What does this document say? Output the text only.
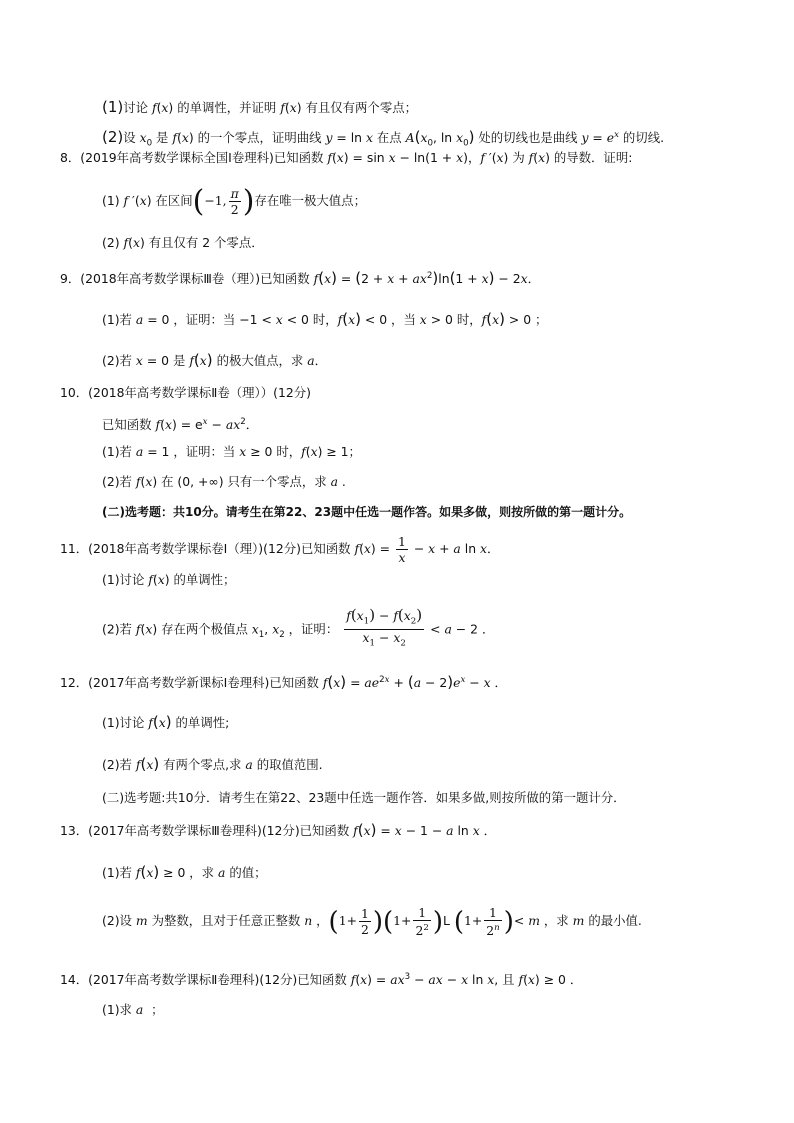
(1)讨论 f(x) 的单调性，并证明 f(x) 有且仅有两个零点；
(2)设 $x_0$ 是 f(x) 的一个零点，证明曲线 y = ln x 在点 $A(x_0$, $\ln x_0$) 处的切线也是曲线 $y = e^x$ 的切线.
8．(2019年高考数学课标全国Ⅰ卷理科)已知函数 f(x) = sin x − ln(1 + x)，f ′(x) 为 f(x) 的导数．证明:
(1) f ′(x) 在区间(−1, $\frac{\pi}{2}$ )存在唯一极大值点；
(2) f(x) 有且仅有 2 个零点．
9．(2018年高考数学课标Ⅲ卷（理）)已知函数 $f(x) = (2 + x + ax^2)\ln(1 + x) - 2x$．
(1)若 a = 0 ，证明：当 −1 < x < 0 时，f(x) < 0 ，当 x > 0 时，f(x) > 0 ；
(2)若 x = 0 是 f(x) 的极大值点，求 a．
10．(2018年高考数学课标Ⅱ卷（理））(12分)
已知函数 $f(x) = e^x - ax^2$．
(1)若 a = 1 ，证明：当 x ≥ 0 时，f(x) ≥ 1；
(2)若 f(x) 在 (0, +∞) 只有一个零点，求 a .
(二)选考题：共10分。请考生在第22、23题中任选一题作答。如果多做，则按所做的第一题计分。
11．(2018年高考数学课标卷Ⅰ（理）)(12分)已知函数 $f(x) = \frac{1}{x} - x + a$ ln x．
(1)讨论 f(x) 的单调性；
(2)若 f(x) 存在两个极值点 $x_1$, $x_2$ ，证明： $\frac{f(x_1) - f(x_2)}{x_1 - x_2} < a - 2$ ．
12．(2017年高考数学新课标Ⅰ卷理科)已知函数 $f(x) = ae^{2x} + (a - 2)e^x - x$ ．
(1)讨论 f(x) 的单调性;
(2)若 f(x) 有两个零点,求 a 的取值范围.
(二)选考题:共10分．请考生在第22、23题中任选一题作答．如果多做,则按所做的第一题计分．
13．(2017年高考数学课标Ⅲ卷理科)(12分)已知函数 f(x) = x − 1 − a ln x ．
(1)若 f(x) ≥ 0 ，求 a 的值；
(2)设 m 为整数，且对于任意正整数 n ，$(1+ \frac{1}{2} )(1+ \frac{1}{2^2} )L$ ($1+ \frac{1}{2^n}$ )< m ，求 m 的最小值.
14．(2017年高考数学课标Ⅱ卷理科)(12分)已知函数 $f(x) = ax^3$ − ax − x ln x, 且 f(x) ≥ 0 ．
(1)求 a  ；
